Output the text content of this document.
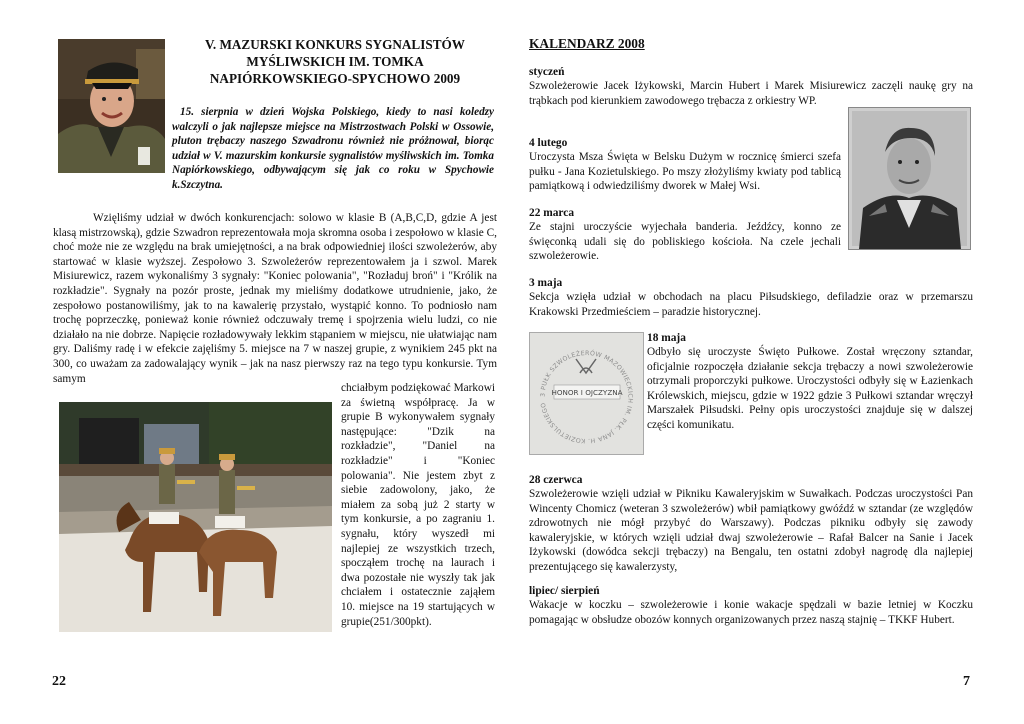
V. MAZURSKI KONKURS SYGNALISTÓW MYŚLIWSKICH IM. TOMKA NAPIÓRKOWSKIEGO-SPYCHOWO 2009
15. sierpnia w dzień Wojska Polskiego, kiedy to nasi koledzy walczyli o jak najlepsze miejsce na Mistrzostwach Polski w Ossowie, pluton trębaczy naszego Szwadronu również nie próżnował, biorąc udział w V. mazurskim konkursie sygnalistów myśliwskich im. Tomka Napiórkowskiego, odbywającym się jak co roku w Spychowie k.Szczytna.
Wzięliśmy udział w dwóch konkurencjach: solowo w klasie B (A,B,C,D, gdzie A jest klasą mistrzowską), gdzie Szwadron reprezentowała moja skromna osoba i zespołowo w klasie C, choć może nie ze względu na brak umiejętności, a na brak odpowiedniej ilości szwoleżerów, aby startować w klasie wyższej. Zespołowo 3. Szwoleżerów reprezentowałem ja i szwol. Marek Misiurewicz, razem wykonaliśmy 3 sygnały: "Koniec polowania", "Rozładuj broń" i "Królik na rozkładzie". Sygnały na pozór proste, jednak my mieliśmy dodatkowe utrudnienie, jako, że zespołowo postanowiliśmy, jak to na kawalerię przystało, wystąpić konno. To podniosło nam trochę poprzeczkę, ponieważ konie również odczuwały tremę i spojrzenia wielu ludzi, co nie działało na nie dobrze. Napięcie rozładowywały lekkim stąpaniem w miejscu, nie ułatwiając nam gry. Daliśmy radę i w efekcie zajęliśmy 5. miejsce na 7 w naszej grupie, z wynikiem 245 pkt na 300, co uważam za zadowalający wynik – jak na nasz pierwszy raz na tego typu konkursie. Tym samym
chciałbym podziękować Markowi za świetną współpracę. Ja w grupie B wykonywałem sygnały następujące: "Dzik na rozkładzie", "Daniel na rozkładzie" i "Koniec polowania". Nie jestem zbyt z siebie zadowolony, jako, że miałem za sobą już 2 starty w tym konkursie, a po zagraniu 1. sygnału, który wyszedł mi najlepiej ze wszystkich trzech, spocząłem trochę na laurach i dwa pozostałe nie wyszły tak jak chciałem i ostatecznie zająłem 10. miejsce na 19 startujących w grupie(251/300pkt).
22
KALENDARZ 2008
styczeń

Szwoleżerowie Jacek Iżykowski, Marcin Hubert i Marek Misiurewicz zaczęli naukę gry na trąbkach pod kierunkiem zawodowego trębacza z orkiestry WP.

4 lutego

Uroczysta Msza Święta w Belsku Dużym w rocznicę śmierci szefa pułku - Jana Kozietulskiego. Po mszy złożyliśmy kwiaty pod tablicą pamiątkową i odwiedziliśmy dworek w Małej Wsi.

22 marca

Ze stajni uroczyście wyjechała banderia. Jeźdźcy, konno ze święconką udali się do pobliskiego kościoła. Na czele jechali szwoleżerowie.

3 maja

Sekcja wzięła udział w obchodach na placu Piłsudskiego, defiladzie oraz w przemarszu Krakowski Przedmieściem – paradzie historycznej.

3 PUŁK SZWOLEŻERÓW MAZOWIECKICH IM. PŁK. JANA H. KOZIETULSKIEGO
HONOR I OJCZYZNA
18 maja

Odbyło się uroczyste Święto Pułkowe. Został wręczony sztandar, oficjalnie rozpoczęła działanie sekcja trębaczy a nowi szwoleżerowie otrzymali proporczyki pułkowe. Uroczystości odbyły się w Łazienkach Królewskich, miejscu, gdzie w 1922 gdzie 3 Pułkowi sztandar wręczył Marszałek Piłsudski. Pełny opis uroczystości znajduje się w dalszej części komunikatu.

28 czerwca

Szwoleżerowie wzięli udział w Pikniku Kawaleryjskim w Suwałkach. Podczas uroczystości Pan Wincenty Chomicz (weteran 3 szwoleżerów) wbił pamiątkowy gwóźdź w sztandar (ze względów zdrowotnych nie mógł przybyć do Warszawy). Podczas pikniku odbyły się zawody kawaleryjskie, w których wzięli udział dwaj szwoleżerowie – Rafał Balcer na Sanie i Jacek Iżykowski (dowódca sekcji trębaczy) na Bengalu, ten ostatni zdobył nagrodę dla najlepiej prezentującego się kawalerzysty,

lipiec/ sierpień

Wakacje w koczku – szwoleżerowie i konie wakacje spędzali w bazie letniej w Koczku pomagając w obsłudze obozów konnych organizowanych przez naszą stajnię – TKKF Hubert.

7
